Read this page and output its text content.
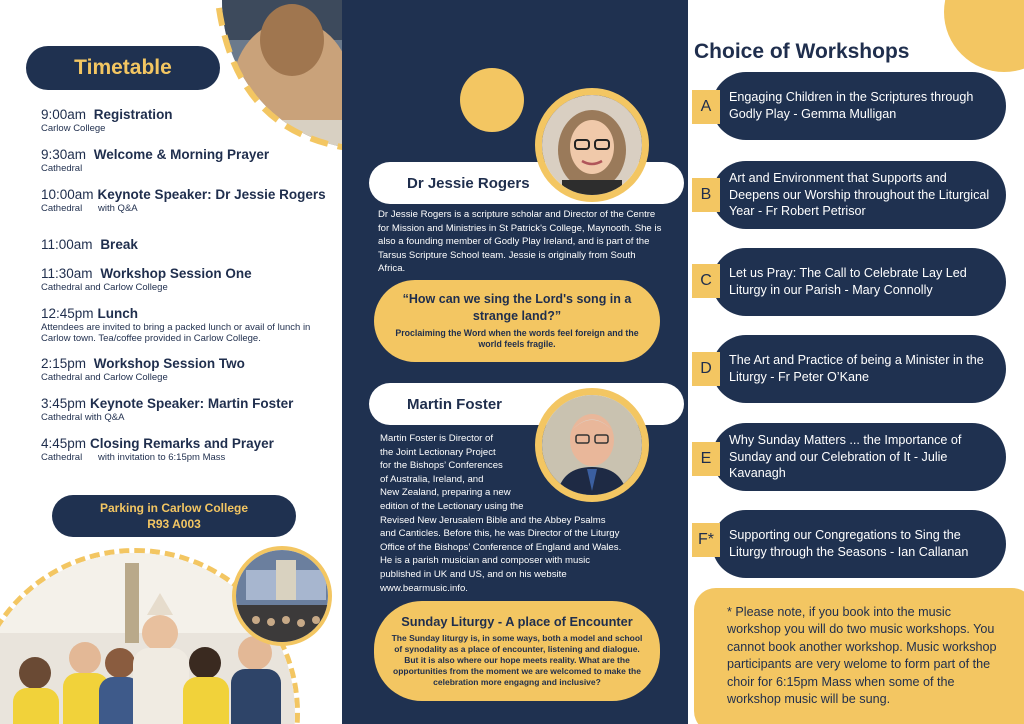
Timetable
9:00am Registration
Carlow College
9:30am Welcome & Morning Prayer
Cathedral
10:00am Keynote Speaker: Dr Jessie Rogers
Cathedral      with Q&A
11:00am Break
11:30am Workshop Session One
Cathedral and Carlow College
12:45pm Lunch
Attendees are invited to bring a packed lunch or avail of lunch in Carlow town. Tea/coffee provided in Carlow College.
2:15pm Workshop Session Two
Cathedral and Carlow College
3:45pm Keynote Speaker: Martin Foster
Cathedral with Q&A
4:45pm Closing Remarks and Prayer
Cathedral      with invitation to 6:15pm Mass
Parking in Carlow College
R93 A003
Dr Jessie Rogers
Dr Jessie Rogers is a scripture scholar and Director of the Centre for Mission and Ministries in St Patrick's College, Maynooth. She is also a founding member of Godly Play Ireland, and is part of the Tarsus Scripture School team. Jessie is originally from South Africa.
“How can we sing the Lord's song in a strange land?”
Proclaiming the Word when the words feel foreign and the world feels fragile.
Martin Foster
Martin Foster is Director of
the Joint Lectionary Project
for the Bishops’ Conferences
of Australia, Ireland, and
New Zealand, preparing a new
edition of the Lectionary using the
Revised New Jerusalem Bible and the Abbey Psalms
and Canticles. Before this, he was Director of the Liturgy
Office of the Bishops’ Conference of England and Wales.
He is a parish musician and composer with music
published in UK and US, and on his website
www.bearmusic.info.
Sunday Liturgy - A place of Encounter
The Sunday liturgy is, in some ways, both a model and school of synodality as a place of encounter, listening and dialogue. But it is also where our hope meets reality. What are the opportunities from the moment we are welcomed to make the celebration more engagng and inclusive?
Choice of Workshops
Engaging Children in the Scriptures through Godly Play - Gemma Mulligan
A
Art and Environment that Supports and Deepens our Worship throughout the Liturgical Year - Fr Robert Petrisor
B
Let us Pray: The Call to Celebrate Lay Led Liturgy in our Parish - Mary Connolly
C
The Art and Practice of being a Minister in the Liturgy - Fr Peter O’Kane
D
Why Sunday Matters ... the Importance of Sunday and our Celebration of It - Julie Kavanagh
E
Supporting our Congregations to Sing the Liturgy through the Seasons - Ian Callanan
F*
* Please note, if you book into the music workshop you will do two music workshops. You cannot book another workshop. Music workshop participants are very welome to form part of the choir for 6:15pm Mass when some of the workshop music will be sung.
